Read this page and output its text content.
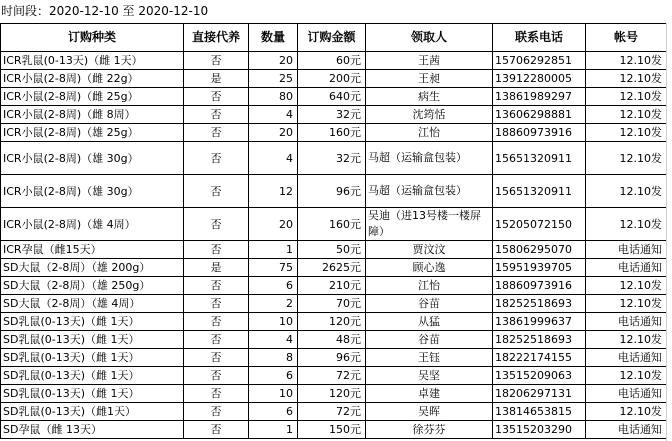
时间段：2020-12-10 至 2020-12-10
订购种类	直接代养	数量	订购金额	领取人	联系电话	帐号
ICR乳鼠(0-13天)（雌 1天）	否	20	60元	王茜	15706292851	12.10发
ICR小鼠(2-8周)（雌 22g）	是	25	200元	王昶	13912280005	12.10发
ICR小鼠(2-8周)（雌 25g）	否	80	640元	病生	13861989297	12.10发
ICR小鼠(2-8周)（雌 8周）	否	4	32元	沈筠恬	13606298881	12.10发
ICR小鼠(2-8周)（雄 25g）	否	20	160元	江怡	18860973916	12.10发
ICR小鼠(2-8周)（雄 30g）	否	4	32元	马超（运输盒包装）	15651320911	12.10发
ICR小鼠(2-8周)（雄 30g）	否	12	96元	马超（运输盒包装）	15651320911	12.10发
ICR小鼠(2-8周)（雄 4周）	否	20	160元	吴迪（进13号楼一楼屏障）	15205072150	12.10发
ICR孕鼠（雌15天）	否	1	50元	贾汶汶	15806295070	电话通知
SD大鼠（2-8周）（雄 200g）	是	75	2625元	顾心逸	15951939705	电话通知
SD大鼠（2-8周）（雄 250g）	否	6	210元	江怡	18860973916	12.10发
SD大鼠（2-8周）（雄 4周）	否	2	70元	谷苗	18252518693	12.10发
SD乳鼠(0-13天)（雌 1天）	否	10	120元	从猛	13861999637	电话通知
SD乳鼠(0-13天)（雌 1天）	否	4	48元	谷苗	18252518693	12.10发
SD乳鼠(0-13天)（雌 1天）	否	8	96元	王钰	18222174155	电话通知
SD乳鼠(0-13天)（雌 1天）	否	6	72元	吴坚	13515209063	12.10发
SD乳鼠(0-13天)（雌 1天）	否	10	120元	卓建	18206297131	电话通知
SD乳鼠(0-13天)（雌1天）	否	6	72元	吴晖	13814653815	12.10发
SD孕鼠（雌 13天）	否	1	150元	徐芬芬	13515203290	电话通知
